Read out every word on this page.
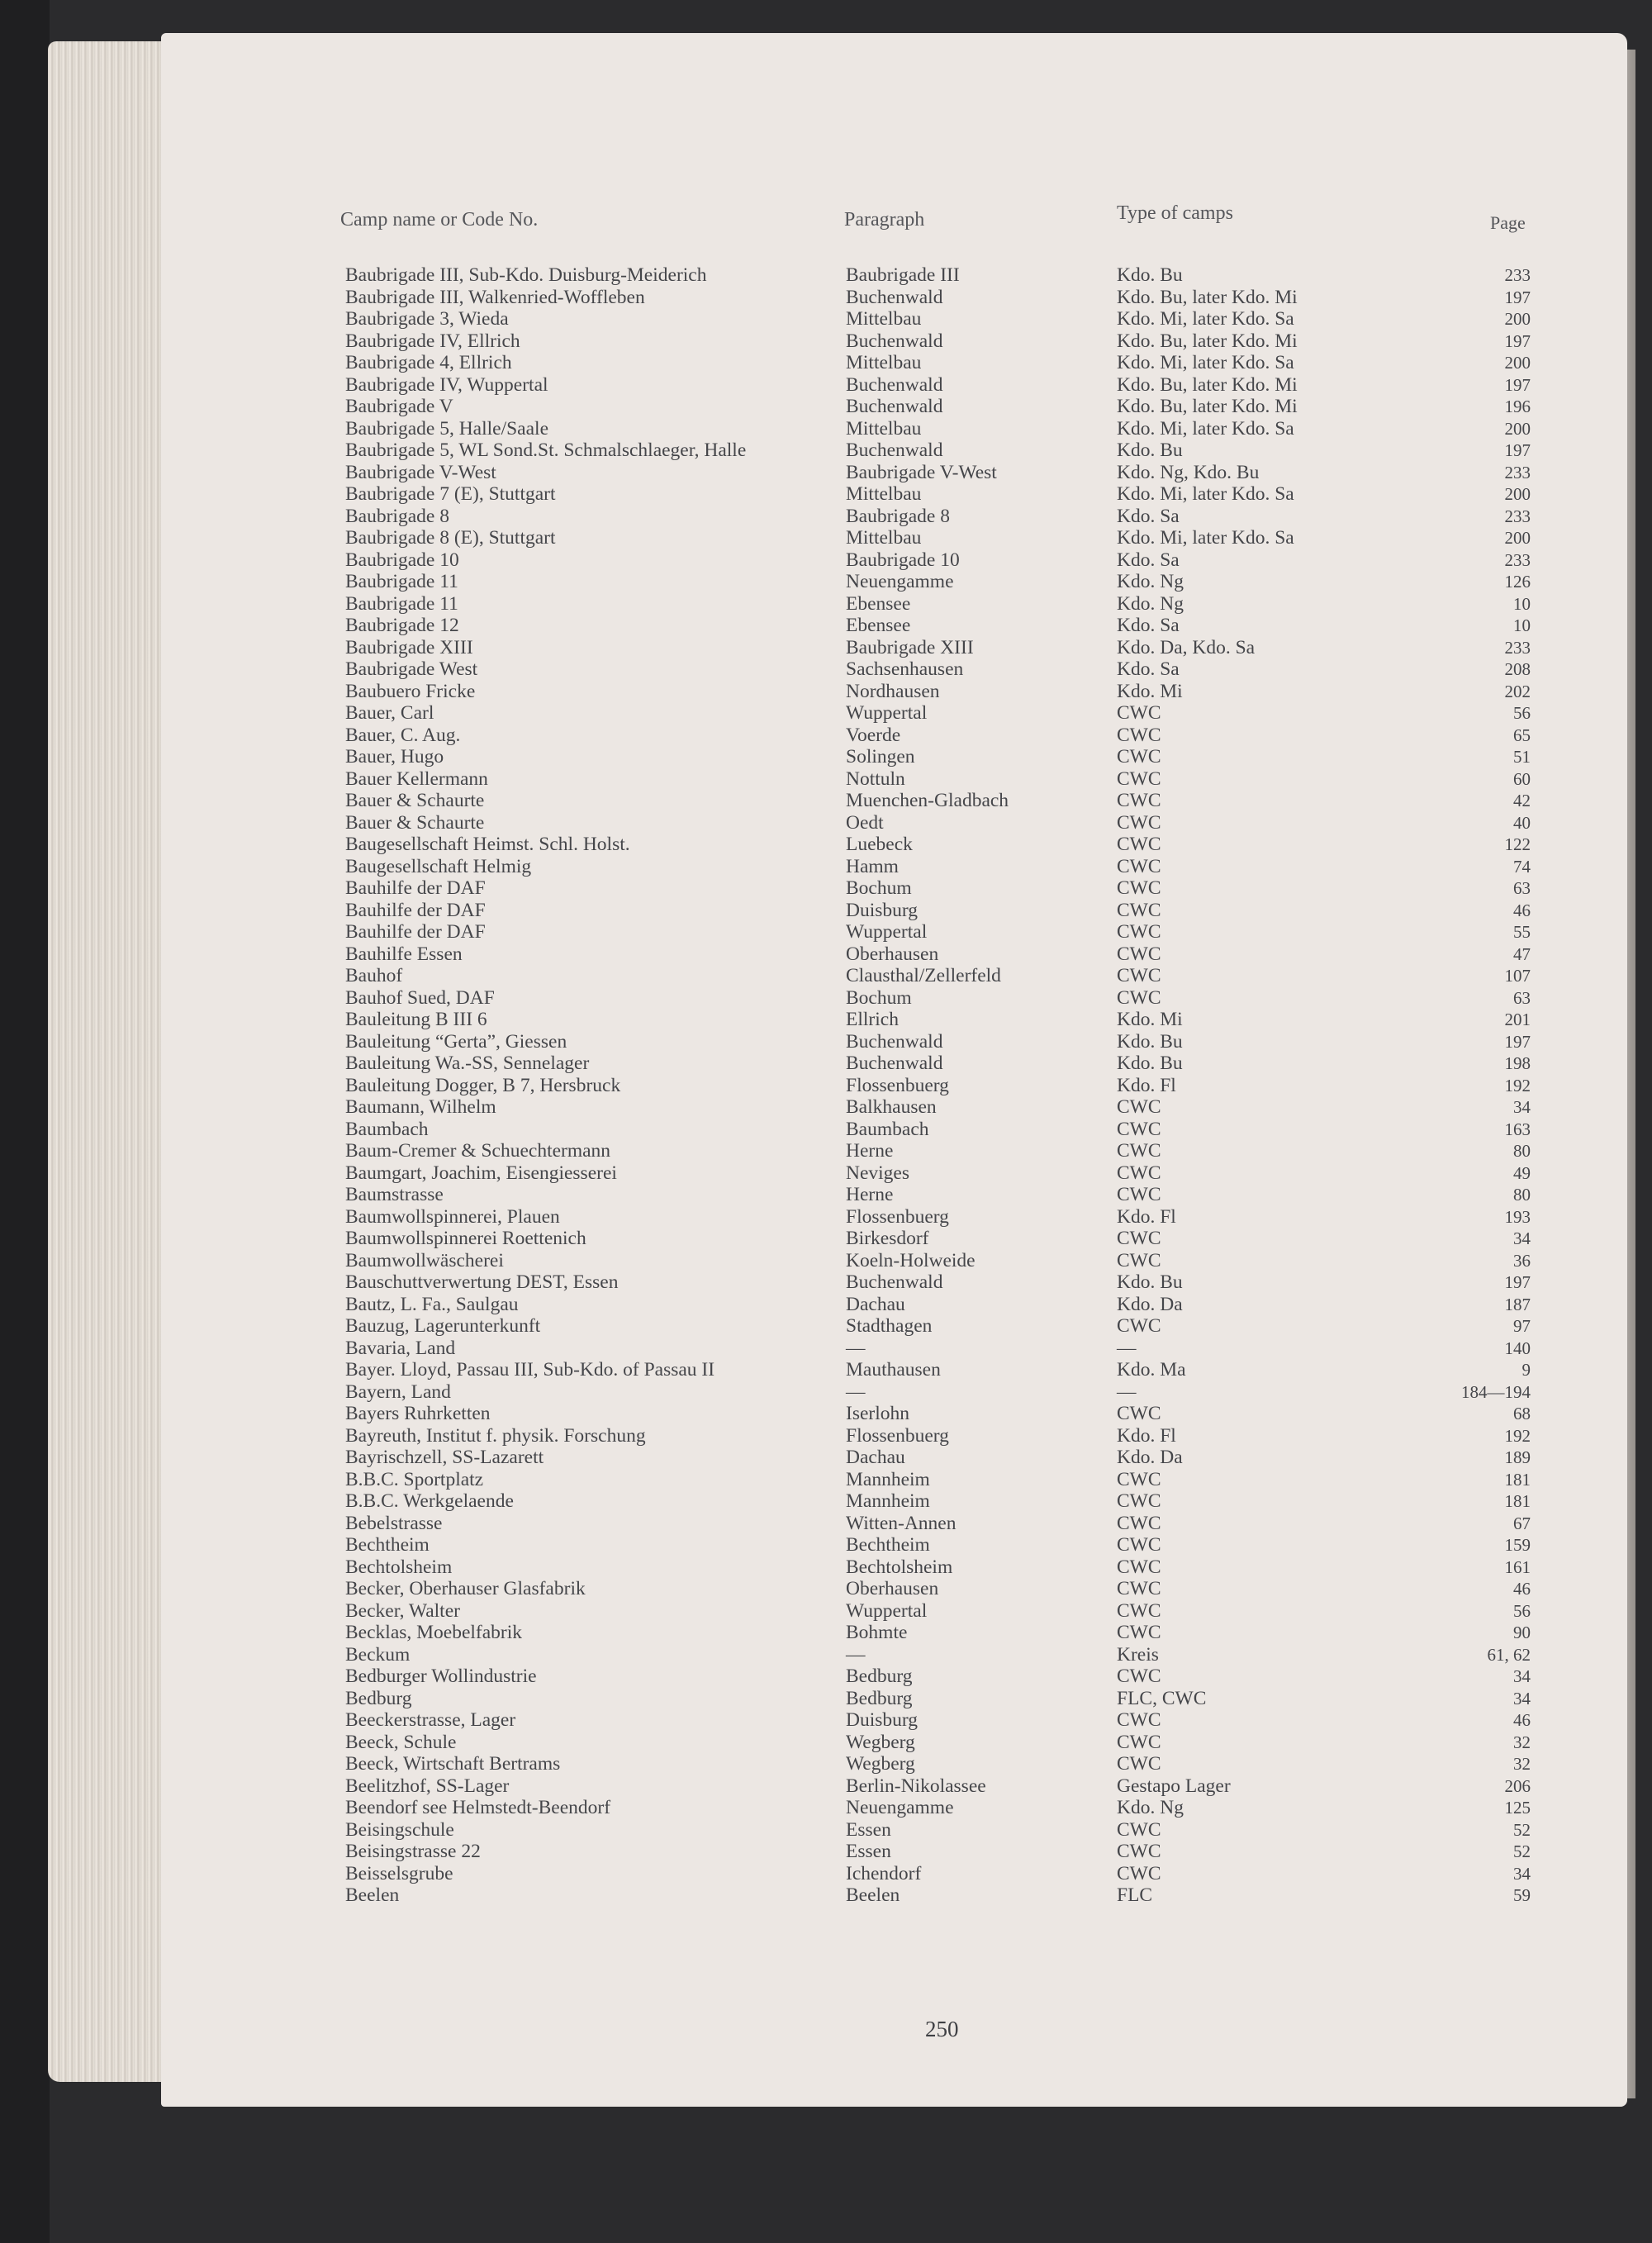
Camp name or Code No.	Paragraph	Type of camps	Page
Baubrigade III, Sub-Kdo. Duisburg-Meiderich	Baubrigade III	Kdo. Bu	233
Baubrigade III, Walkenried-Woffleben	Buchenwald	Kdo. Bu, later Kdo. Mi	197
Baubrigade 3, Wieda	Mittelbau	Kdo. Mi, later Kdo. Sa	200
Baubrigade IV, Ellrich	Buchenwald	Kdo. Bu, later Kdo. Mi	197
Baubrigade 4, Ellrich	Mittelbau	Kdo. Mi, later Kdo. Sa	200
Baubrigade IV, Wuppertal	Buchenwald	Kdo. Bu, later Kdo. Mi	197
Baubrigade V	Buchenwald	Kdo. Bu, later Kdo. Mi	196
Baubrigade 5, Halle/Saale	Mittelbau	Kdo. Mi, later Kdo. Sa	200
Baubrigade 5, WL Sond.St. Schmalschlaeger, Halle	Buchenwald	Kdo. Bu	197
Baubrigade V-West	Baubrigade V-West	Kdo. Ng, Kdo. Bu	233
Baubrigade 7 (E), Stuttgart	Mittelbau	Kdo. Mi, later Kdo. Sa	200
Baubrigade 8	Baubrigade 8	Kdo. Sa	233
Baubrigade 8 (E), Stuttgart	Mittelbau	Kdo. Mi, later Kdo. Sa	200
Baubrigade 10	Baubrigade 10	Kdo. Sa	233
Baubrigade 11	Neuengamme	Kdo. Ng	126
Baubrigade 11	Ebensee	Kdo. Ng	10
Baubrigade 12	Ebensee	Kdo. Sa	10
Baubrigade XIII	Baubrigade XIII	Kdo. Da, Kdo. Sa	233
Baubrigade West	Sachsenhausen	Kdo. Sa	208
Baubuero Fricke	Nordhausen	Kdo. Mi	202
Bauer, Carl	Wuppertal	CWC	56
Bauer, C. Aug.	Voerde	CWC	65
Bauer, Hugo	Solingen	CWC	51
Bauer Kellermann	Nottuln	CWC	60
Bauer & Schaurte	Muenchen-Gladbach	CWC	42
Bauer & Schaurte	Oedt	CWC	40
Baugesellschaft Heimst. Schl. Holst.	Luebeck	CWC	122
Baugesellschaft Helmig	Hamm	CWC	74
Bauhilfe der DAF	Bochum	CWC	63
Bauhilfe der DAF	Duisburg	CWC	46
Bauhilfe der DAF	Wuppertal	CWC	55
Bauhilfe Essen	Oberhausen	CWC	47
Bauhof	Clausthal/Zellerfeld	CWC	107
Bauhof Sued, DAF	Bochum	CWC	63
Bauleitung B III 6	Ellrich	Kdo. Mi	201
Bauleitung “Gerta”, Giessen	Buchenwald	Kdo. Bu	197
Bauleitung Wa.-SS, Sennelager	Buchenwald	Kdo. Bu	198
Bauleitung Dogger, B 7, Hersbruck	Flossenbuerg	Kdo. Fl	192
Baumann, Wilhelm	Balkhausen	CWC	34
Baumbach	Baumbach	CWC	163
Baum-Cremer & Schuechtermann	Herne	CWC	80
Baumgart, Joachim, Eisengiesserei	Neviges	CWC	49
Baumstrasse	Herne	CWC	80
Baumwollspinnerei, Plauen	Flossenbuerg	Kdo. Fl	193
Baumwollspinnerei Roettenich	Birkesdorf	CWC	34
Baumwollwäscherei	Koeln-Holweide	CWC	36
Bauschuttverwertung DEST, Essen	Buchenwald	Kdo. Bu	197
Bautz, L. Fa., Saulgau	Dachau	Kdo. Da	187
Bauzug, Lagerunterkunft	Stadthagen	CWC	97
Bavaria, Land	—	—	140
Bayer. Lloyd, Passau III, Sub-Kdo. of Passau II	Mauthausen	Kdo. Ma	9
Bayern, Land	—	—	184—194
Bayers Ruhrketten	Iserlohn	CWC	68
Bayreuth, Institut f. physik. Forschung	Flossenbuerg	Kdo. Fl	192
Bayrischzell, SS-Lazarett	Dachau	Kdo. Da	189
B.B.C. Sportplatz	Mannheim	CWC	181
B.B.C. Werkgelaende	Mannheim	CWC	181
Bebelstrasse	Witten-Annen	CWC	67
Bechtheim	Bechtheim	CWC	159
Bechtolsheim	Bechtolsheim	CWC	161
Becker, Oberhauser Glasfabrik	Oberhausen	CWC	46
Becker, Walter	Wuppertal	CWC	56
Becklas, Moebelfabrik	Bohmte	CWC	90
Beckum	—	Kreis	61, 62
Bedburger Wollindustrie	Bedburg	CWC	34
Bedburg	Bedburg	FLC, CWC	34
Beeckerstrasse, Lager	Duisburg	CWC	46
Beeck, Schule	Wegberg	CWC	32
Beeck, Wirtschaft Bertrams	Wegberg	CWC	32
Beelitzhof, SS-Lager	Berlin-Nikolassee	Gestapo Lager	206
Beendorf see Helmstedt-Beendorf	Neuengamme	Kdo. Ng	125
Beisingschule	Essen	CWC	52
Beisingstrasse 22	Essen	CWC	52
Beisselsgrube	Ichendorf	CWC	34
Beelen	Beelen	FLC	59
250
